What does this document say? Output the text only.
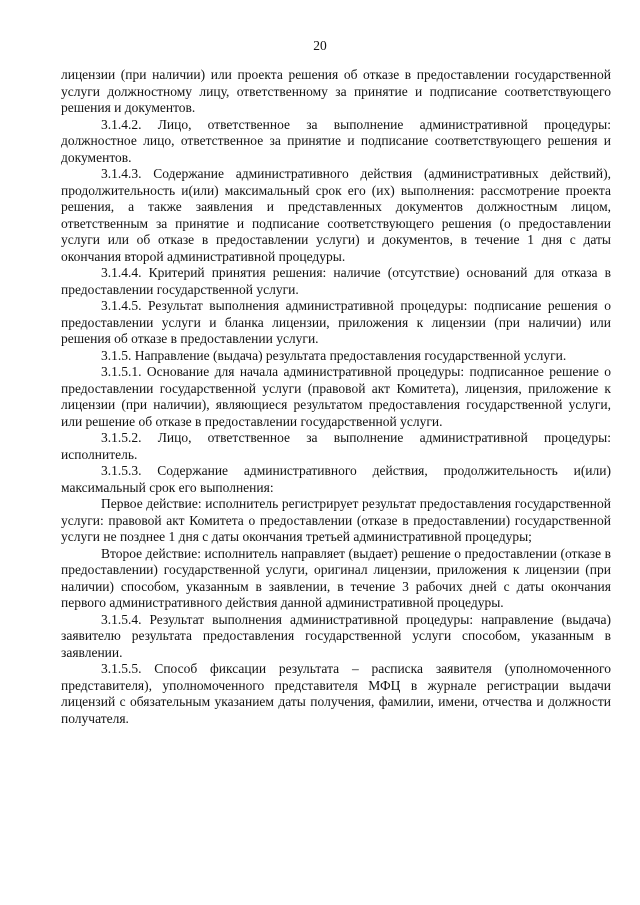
20

лицензии (при наличии) или проекта решения об отказе в предоставлении государственной услуги должностному лицу, ответственному за принятие и подписание соответствующего решения и документов.

3.1.4.2. Лицо, ответственное за выполнение административной процедуры: должностное лицо, ответственное за принятие и подписание соответствующего решения и документов.

3.1.4.3. Содержание административного действия (административных действий), продолжительность и(или) максимальный срок его (их) выполнения: рассмотрение проекта решения, а также заявления и представленных документов должностным лицом, ответственным за принятие и подписание соответствующего решения (о предоставлении услуги или об отказе в предоставлении услуги) и документов, в течение 1 дня с даты окончания второй административной процедуры.

3.1.4.4. Критерий принятия решения: наличие (отсутствие) оснований для отказа в предоставлении государственной услуги.

3.1.4.5. Результат выполнения административной процедуры: подписание решения о предоставлении услуги и бланка лицензии, приложения к лицензии (при наличии) или решения об отказе в предоставлении услуги.

3.1.5. Направление (выдача) результата предоставления государственной услуги.

3.1.5.1. Основание для начала административной процедуры: подписанное решение о предоставлении государственной услуги (правовой акт Комитета), лицензия, приложение к лицензии (при наличии), являющиеся результатом предоставления государственной услуги, или решение об отказе в предоставлении государственной услуги.

3.1.5.2. Лицо, ответственное за выполнение административной процедуры: исполнитель.

3.1.5.3. Содержание административного действия, продолжительность и(или) максимальный срок его выполнения:

Первое действие: исполнитель регистрирует результат предоставления государственной услуги: правовой акт Комитета о предоставлении (отказе в предоставлении) государственной услуги не позднее 1 дня с даты окончания третьей административной процедуры;

Второе действие: исполнитель направляет (выдает) решение о предоставлении (отказе в предоставлении) государственной услуги, оригинал лицензии, приложения к лицензии (при наличии) способом, указанным в заявлении, в течение 3 рабочих дней с даты окончания первого административного действия данной административной процедуры.

3.1.5.4. Результат выполнения административной процедуры: направление (выдача) заявителю результата предоставления государственной услуги способом, указанным в заявлении.

3.1.5.5. Способ фиксации результата – расписка заявителя (уполномоченного представителя), уполномоченного представителя МФЦ в журнале регистрации выдачи лицензий с обязательным указанием даты получения, фамилии, имени, отчества и должности получателя.
